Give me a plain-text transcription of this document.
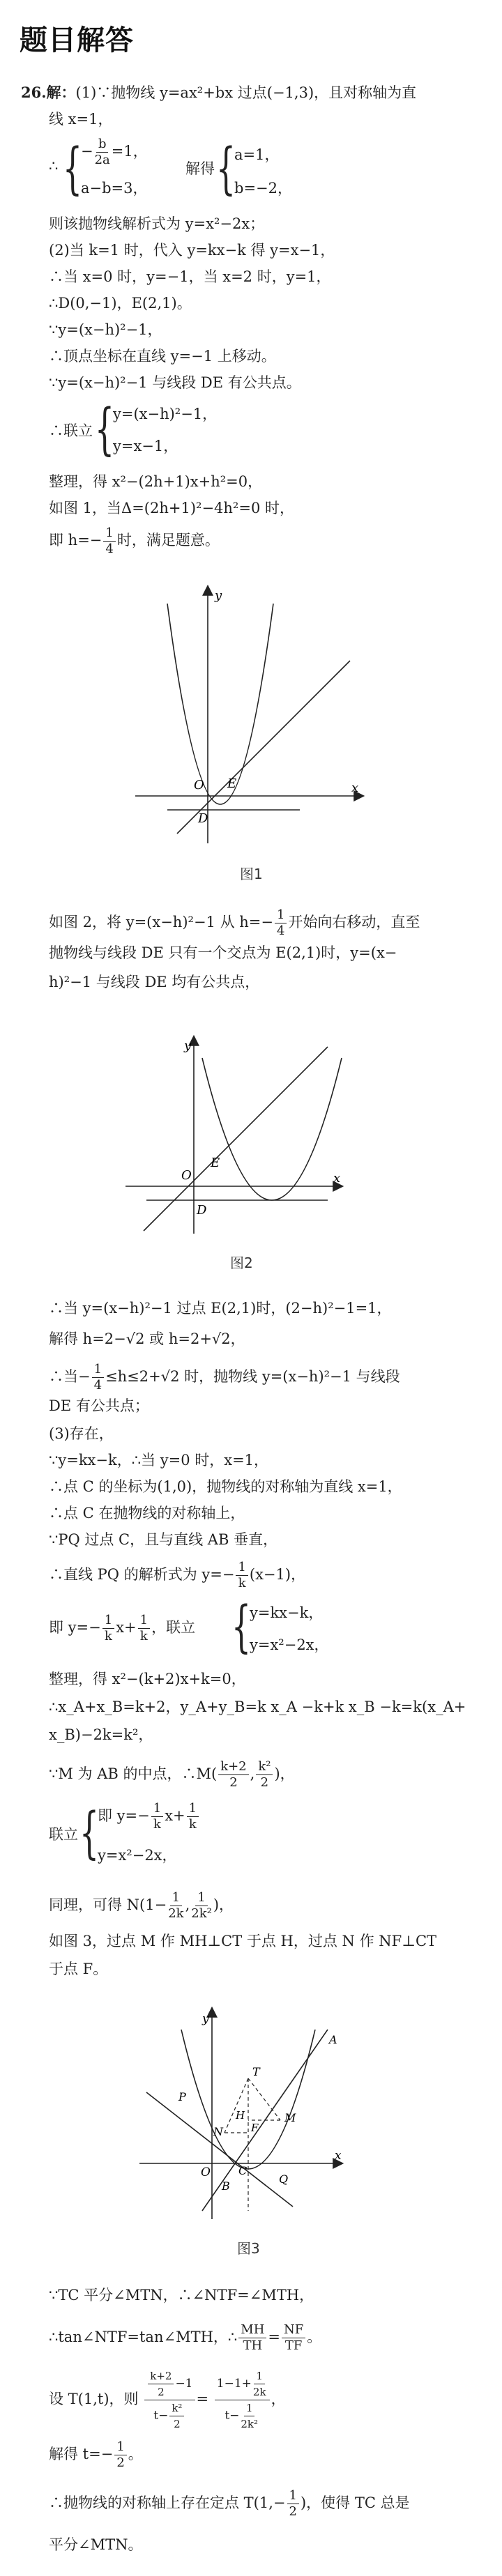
题目解答
26.解：(1)∵抛物线 y=ax²+bx 过点(−1,3)，且对称轴为直
线 x=1，
∴ {
− $\frac{b}{2a} =1$，
a−b=3，
解得 {
a=1，
b=−2，
则该抛物线解析式为 y=x²−2x；
(2)当 k=1 时，代入 y=kx−k 得 y=x−1，
∴当 x=0 时，y=−1，当 x=2 时，y=1，
∴D(0,−1)，E(2,1)。
∵y=(x−h)²−1，
∴顶点坐标在直线 y=−1 上移动。
∵y=(x−h)²−1 与线段 DE 有公共点。
∴联立 {
y=(x−h)²−1，
y=x−1，
整理，得 x²−(2h+1)x+h²=0，
如图 1，当Δ=(2h+1)²−4h²=0 时，
即 $h=- \frac{1}{4}$ 时，满足题意。
y
x
O E
D
图1
如图 2，将 y=(x−h)²−1 从 $h=- \frac{1}{4}$ 开始向右移动，直至
抛物线与线段 DE 只有一个交点为 E(2,1)时，y=(x−
h)²−1 与线段 DE 均有公共点，
y
x
O
E
D
图2
∴当 y=(x−h)²−1 过点 E(2,1)时，(2−h)²−1=1，
解得 h=2−√2 或 h=2+√2，
∴当− $\frac{1}{4} \le h\le 2+√2$ 时，抛物线 y=(x−h)²−1 与线段
DE 有公共点；
(3)存在，
∵y=kx−k，∴当 y=0 时，x=1，
∴点 C 的坐标为(1,0)，抛物线的对称轴为直线 x=1，
∴点 C 在抛物线的对称轴上，
∵PQ 过点 C，且与直线 AB 垂直，
∴直线 PQ 的解析式为 $y=- \frac{1}{k} (x-1)$，
即 $y=- \frac{1}{k} x+ \frac{1}{k}$ ，联立 {
y=kx−k，
y=x²−2x，
整理，得 x²−(k+2)x+k=0，
∴x_A+x_B=k+2，y_A+y_B=k x_A −k+k x_B −k=k(x_A+
x_B)−2k=k²，
∵M 为 AB 的中点，∴M( $\frac{k+2}{2}$ , $\frac{\text{k²}}{2}$ )，
联立 {
即 $y=- \frac{1}{k} x+ \frac{1}{k}$
y=x²−2x，
同理，可得 $N(1- \frac{1}{2k}$ , $\frac{1}{\text{2k²}}$ )，
如图 3，过点 M 作 MH⊥CT 于点 H，过点 N 作 NF⊥CT
于点 F。
y
x
O
T
H
F
M
N
C
P
A
B
Q
图3
∵TC 平分∠MTN，∴∠NTF=∠MTH，
∴tan∠NTF=tan∠MTH，∴ $\frac{MH}{TH} = \frac{NF}{TF}$ 。
设 T(1,t)，则 $\frac{\frac{k+2}{2} -1}{t- \frac{\text{k²}}{2}} = \frac{1-1+ \frac{1}{2k}}{t- \frac{1}{\text{2k²}}}$ ，
解得 $t=- \frac{1}{2}$ 。
∴抛物线的对称轴上存在定点 $T(1,- \frac{1}{2}$ )，使得 TC 总是
平分∠MTN。
